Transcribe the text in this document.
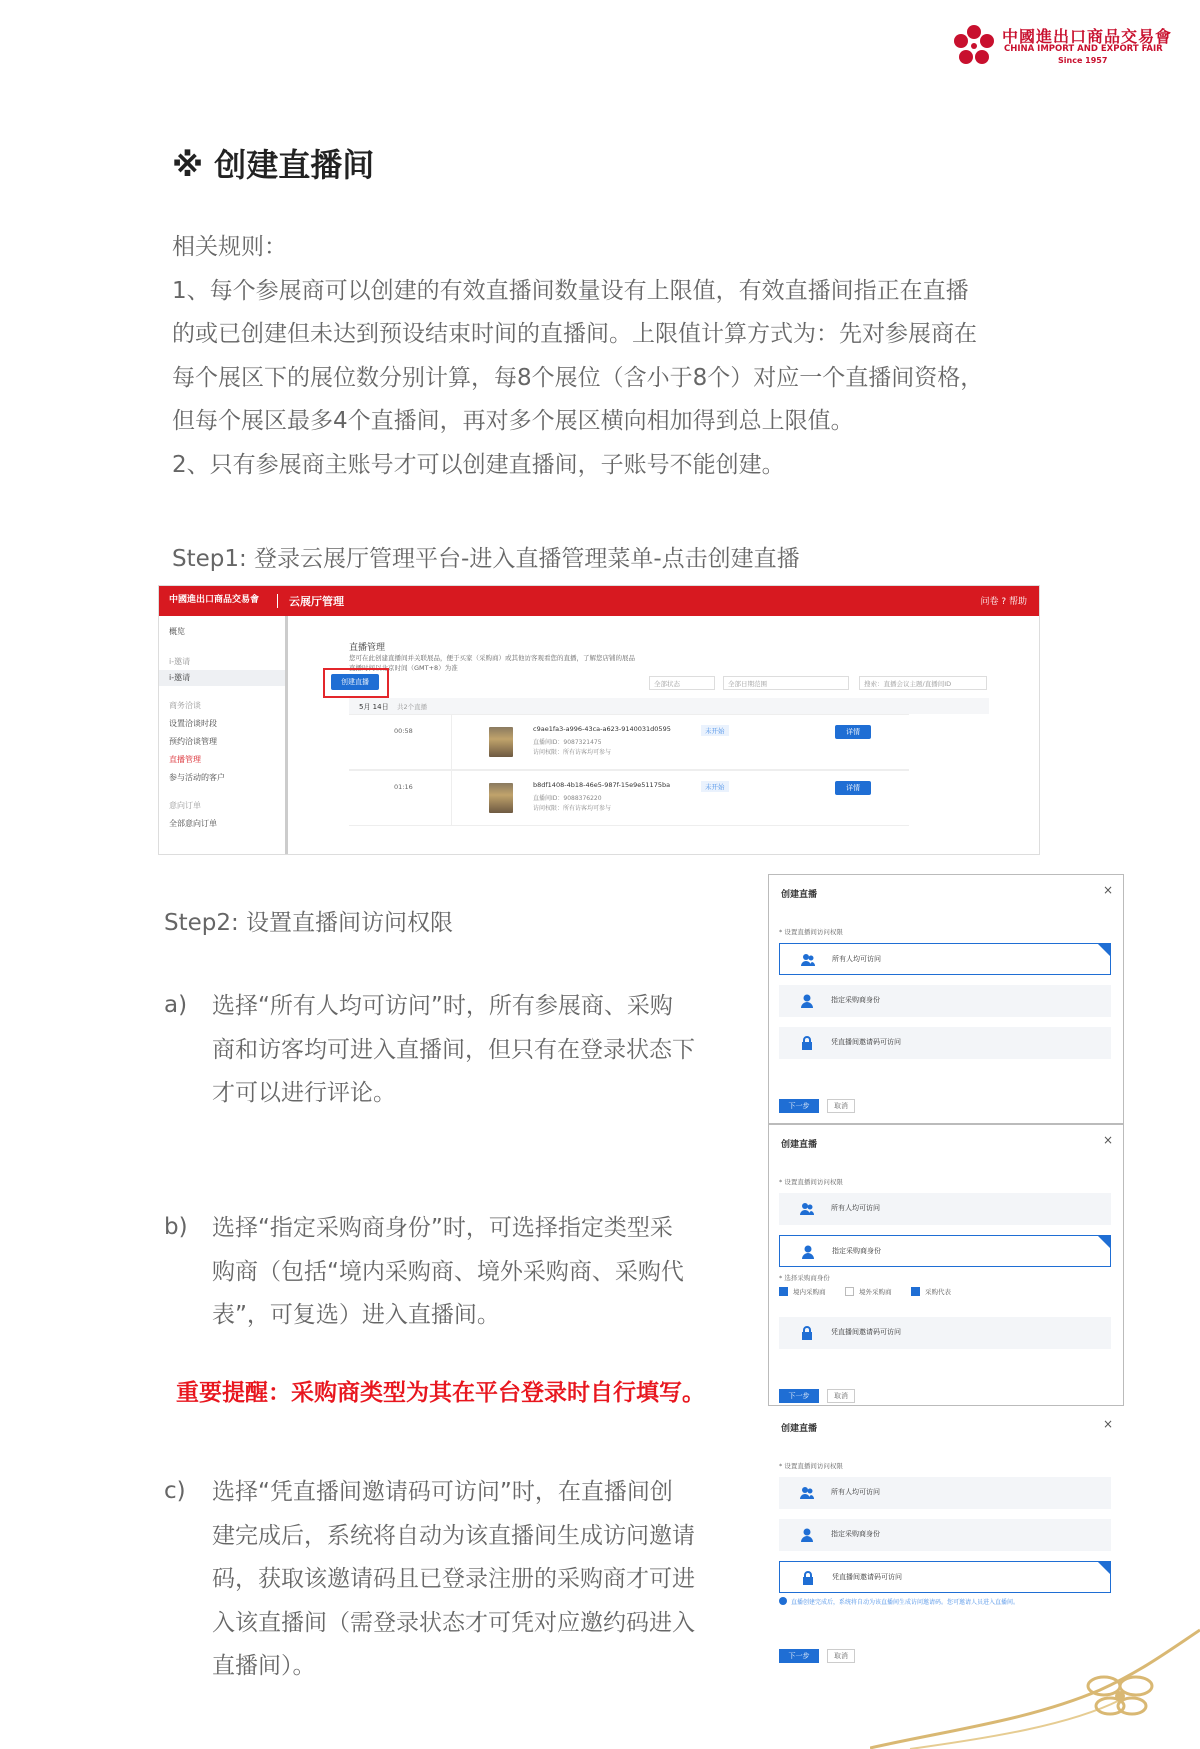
中國進出口商品交易會
CHINA IMPORT AND EXPORT FAIR
Since 1957
※ 创建直播间
相关规则：
1、每个参展商可以创建的有效直播间数量设有上限值，有效直播间指正在直播
的或已创建但未达到预设结束时间的直播间。上限值计算方式为：先对参展商在
每个展区下的展位数分别计算，每8个展位（含小于8个）对应一个直播间资格，
但每个展区最多4个直播间，再对多个展区横向相加得到总上限值。
2、只有参展商主账号才可以创建直播间，子账号不能创建。
Step1: 登录云展厅管理平台-进入直播管理菜单-点击创建直播
中國進出口商品交易會	云展厅管理	问卷 ? 帮助
概览
i-邀请
i-邀请
商务洽谈
设置洽谈时段
预约洽谈管理
直播管理
参与活动的客户
意向订单
全部意向订单
直播管理
您可在此创建直播间并关联展品，便于买家（采购商）或其他访客观看您的直播，了解您店铺的展品
直播时间以北京时间（GMT+8）为准
创建直播	全部状态	全部日期范围	搜索：直播会议主题/直播间ID
5月 14日 共2个直播
00:58	c9ae1fa3-a996-43ca-a623-9140031d0595
直播间ID：9087321475
访问权限：所有访客均可参与
未开始	详情
01:16	b8df1408-4b18-46e5-987f-15e9e51175ba
直播间ID：9088376220
访问权限：所有访客均可参与
未开始	详情
Step2: 设置直播间访问权限
a) 选择“所有人均可访问”时，所有参展商、采购
商和访客均可进入直播间，但只有在登录状态下
才可以进行评论。
b) 选择“指定采购商身份”时，可选择指定类型采
购商（包括“境内采购商、境外采购商、采购代
表”，可复选）进入直播间。
重要提醒：采购商类型为其在平台登录时自行填写。
c) 选择“凭直播间邀请码可访问”时，在直播间创
建完成后，系统将自动为该直播间生成访问邀请
码，获取该邀请码且已登录注册的采购商才可进
入该直播间（需登录状态才可凭对应邀约码进入
直播间）。
创建直播	×
* 设置直播间访问权限
所有人均可访问
指定采购商身份
凭直播间邀请码可访问
下一步	取消
创建直播	×
* 设置直播间访问权限
所有人均可访问
指定采购商身份
* 选择采购商身份
境内采购商	境外采购商	采购代表
凭直播间邀请码可访问
下一步	取消
创建直播	×
* 设置直播间访问权限
所有人均可访问
指定采购商身份
凭直播间邀请码可访问
直播创建完成后，系统将自动为该直播间生成访问邀请码。您可邀请人员进入直播间。
下一步	取消
